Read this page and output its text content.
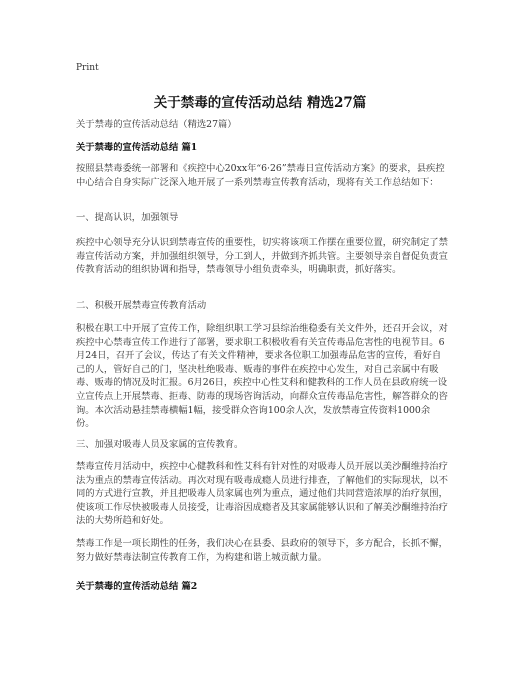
Print
关于禁毒的宣传活动总结 精选27篇
关于禁毒的宣传活动总结（精选27篇）
关于禁毒的宣传活动总结 篇1

按照县禁毒委统一部署和《疾控中心20xx年“6·26”禁毒日宣传活动方案》的要求，县疾控中心结合自身实际广泛深入地开展了一系列禁毒宣传教育活动，现将有关工作总结如下：

一、提高认识，加强领导

疾控中心领导充分认识到禁毒宣传的重要性，切实将该项工作摆在重要位置，研究制定了禁毒宣传活动方案，并加强组织领导，分工到人，并做到齐抓共管。主要领导亲自督促负责宣传教育活动的组织协调和指导，禁毒领导小组负责牵头，明确职责，抓好落实。

二、积极开展禁毒宣传教育活动

积极在职工中开展了宣传工作，除组织职工学习县综治维稳委有关文件外，还召开会议，对疾控中心禁毒宣传工作进行了部署，要求职工积极收看有关宣传毒品危害性的电视节目。6月24日，召开了会议，传达了有关文件精神，要求各位职工加强毒品危害的宣传，看好自己的人，管好自己的门，坚决杜绝吸毒、贩毒的事件在疾控中心发生，对自己亲属中有吸毒、贩毒的情况及时汇报。6月26日，疾控中心性艾科和健教科的工作人员在县政府统一设立宣传点上开展禁毒、拒毒、防毒的现场咨询活动，向群众宣传毒品危害性，解答群众的咨询。本次活动悬挂禁毒横幅1幅，接受群众咨询100余人次，发放禁毒宣传资料1000余份。

三、加强对吸毒人员及家属的宣传教育。

禁毒宣传月活动中，疾控中心健教科和性艾科有针对性的对吸毒人员开展以美沙酮维持治疗法为重点的禁毒宣传活动。再次对现有吸毒成瘾人员进行排查，了解他们的实际现状，以不同的方式进行宣教，并且把吸毒人员家属也列为重点，通过他们共同营造浓厚的治疗氛围，使该项工作尽快被吸毒人员接受，让毒浴因成瘾者及其家属能够认识和了解美沙酮维持治疗法的大势所趋和好处。

禁毒工作是一项长期性的任务，我们决心在县委、县政府的领导下，多方配合，长抓不懈，努力做好禁毒法制宣传教育工作，为构建和谐上城贡献力量。

关于禁毒的宣传活动总结 篇2
